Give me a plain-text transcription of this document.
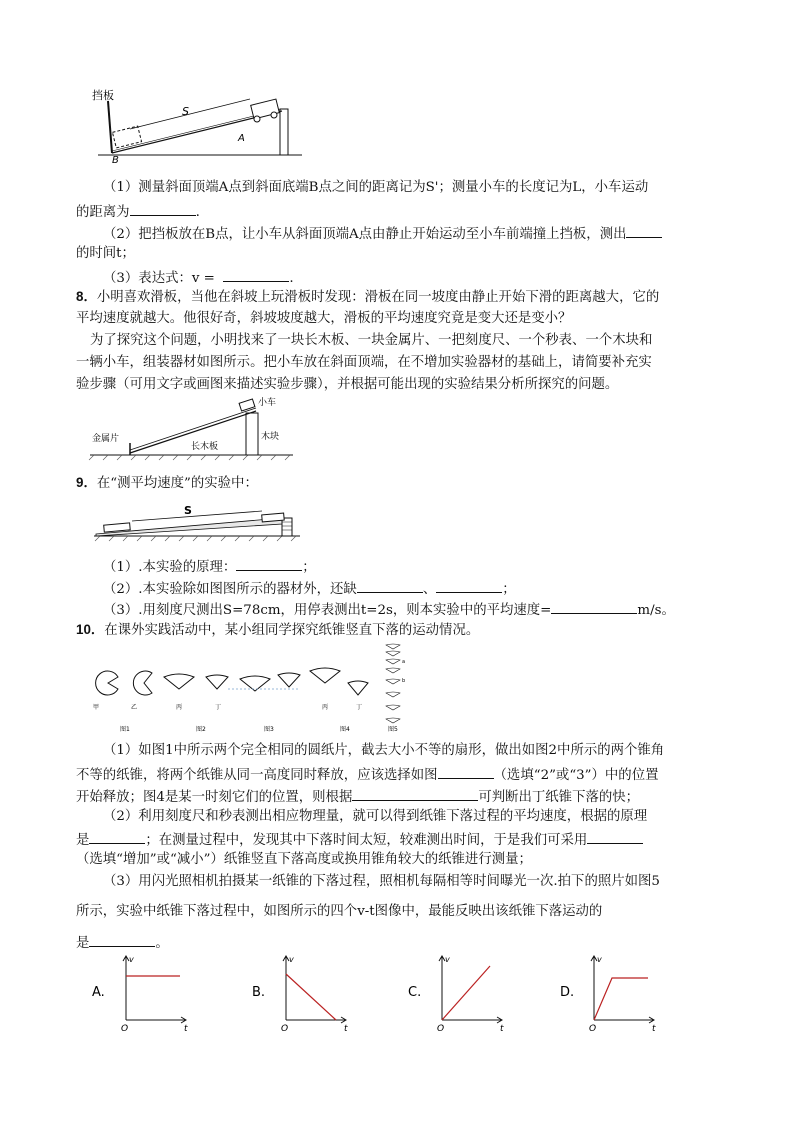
挡板
S
A
B
（1）测量斜面顶端A点到斜面底端B点之间的距离记为S'；测量小车的长度记为L，小车运动
的距离为	.
（2）把挡板放在B点，让小车从斜面顶端A点由静止开始运动至小车前端撞上挡板，测出
的时间t；
（3）表达式：v =	.
8．小明喜欢滑板，当他在斜坡上玩滑板时发现：滑板在同一坡度由静止开始下滑的距离越大，它的
平均速度就越大。他很好奇，斜坡坡度越大，滑板的平均速度究竟是变大还是变小？
为了探究这个问题，小明找来了一块长木板、一块金属片、一把刻度尺、一个秒表、一个木块和
一辆小车，组装器材如图所示。把小车放在斜面顶端，在不增加实验器材的基础上，请简要补充实
验步骤（可用文字或画图来描述实验步骤），并根据可能出现的实验结果分析所探究的问题。
小车
金属片
长木板
木块
9．在“测平均速度”的实验中：
S
（1）.本实验的原理：	；
（2）.本实验除如图图所示的器材外，还缺	、	；
（3）.用刻度尺测出S=78cm，用停表测出t=2s，则本实验中的平均速度=	m/s。
10．在课外实践活动中，某小组同学探究纸锥竖直下落的运动情况。
甲	乙	丙	丁	丙	丁
a
b
图1	图2	图3	图4	图5
（1）如图1中所示两个完全相同的圆纸片，截去大小不等的扇形，做出如图2中所示的两个锥角
不等的纸锥，将两个纸锥从同一高度同时释放，应该选择如图	（选填“2”或“3”）中的位置
开始释放；图4是某一时刻它们的位置，则根据	可判断出丁纸锥下落的快；
（2）利用刻度尺和秒表测出相应物理量，就可以得到纸锥下落过程的平均速度，根据的原理
是	；在测量过程中，发现其中下落时间太短，较难测出时间，于是我们可采用
（选填“增加”或“减小”）纸锥竖直下落高度或换用锥角较大的纸锥进行测量；
（3）用闪光照相机拍摄某一纸锥的下落过程，照相机每隔相等时间曝光一次.拍下的照片如图5
所示，实验中纸锥下落过程中，如图所示的四个v-t图像中，最能反映出该纸锥下落运动的
是	。
A.
v
t
O
B.
v
t
O
C.
v
t
O
D.
v
t
O
